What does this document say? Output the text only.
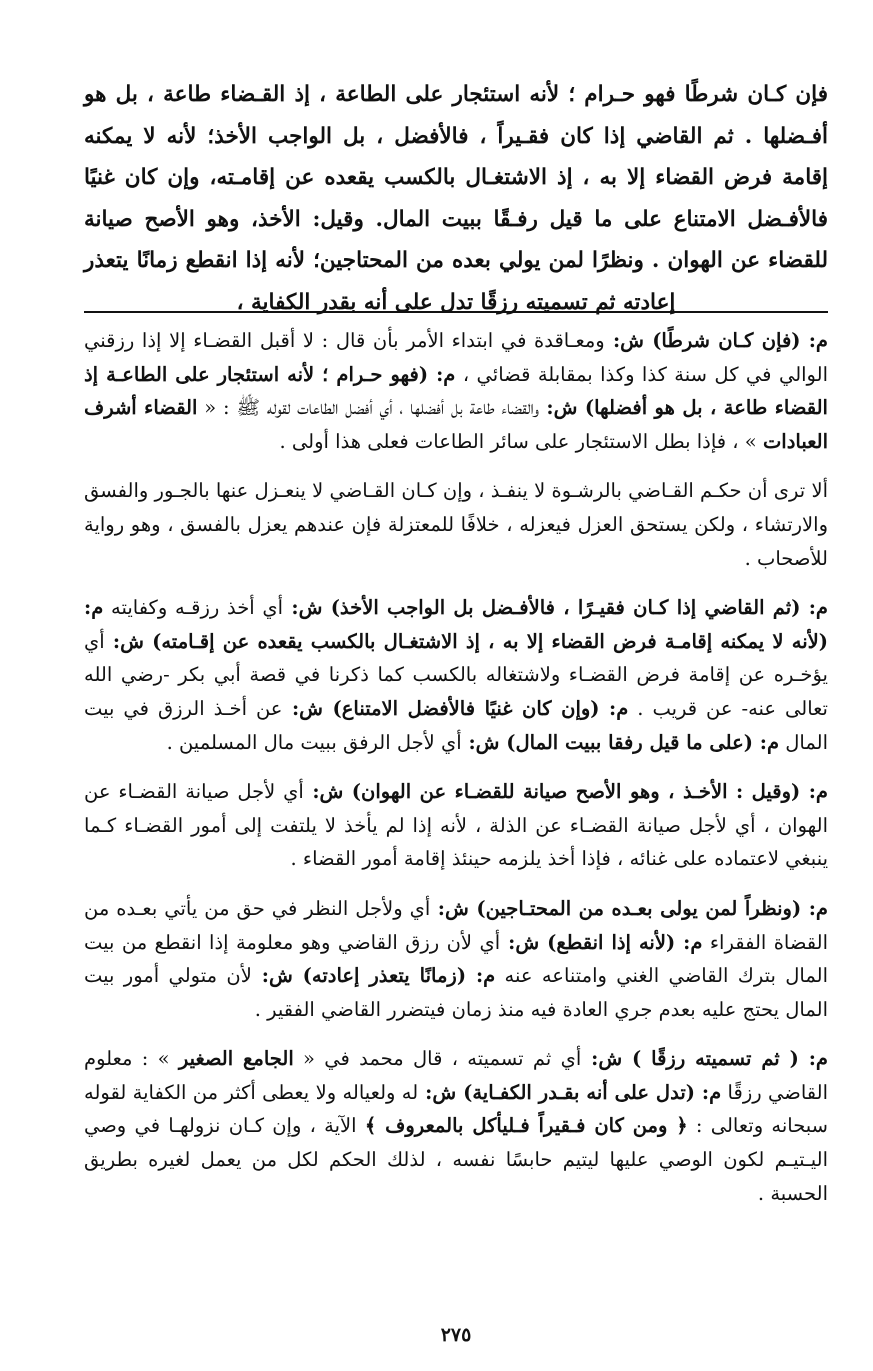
فإن كـان شرطًا فهو حـرام ؛ لأنه استئجار على الطاعة ، إذ القـضاء طاعة ، بل هو أفـضلها . ثم القاضي إذا كان فقـيراً ، فالأفضل ، بل الواجب الأخذ؛ لأنه لا يمكنه إقامة فرض القضاء إلا به ، إذ الاشتغـال بالكسب يقعده عن إقامـته، وإن كان غنيًا فالأفـضل الامتناع على ما قيل رفـقًا ببيت المال. وقيل: الأخذ، وهو الأصح صيانة للقضاء عن الهوان . ونظرًا لمن يولي بعده من المحتاجين؛ لأنه إذا انقطع زمانًا يتعذر إعادته ثم تسميته رزقًا تدل على أنه بقدر الكفاية ،

م: (فإن كـان شرطًا) ش: ومعـاقدة في ابتداء الأمر بأن قال : لا أقبل القضـاء إلا إذا رزقني الوالي في كل سنة كذا وكذا بمقابلة قضائي ، م: (فهو حـرام ؛ لأنه استئجار على الطاعـة إذ القضاء طاعة ، بل هو أفضلها) ش: والقضاء طاعة بل أفضلها ، أي أفضل الطاعات لقوله ﷺ : « القضاء أشرف العبادات » ، فإذا بطل الاستئجار على سائر الطاعات فعلى هذا أولى .

ألا ترى أن حكـم القـاضي بالرشـوة لا ينفـذ ، وإن كـان القـاضي لا ينعـزل عنها بالجـور والفسق والارتشاء ، ولكن يستحق العزل فيعزله ، خلافًا للمعتزلة فإن عندهم يعزل بالفسق ، وهو رواية للأصحاب .

م: (ثم القاضي إذا كـان فقيـرًا ، فالأفـضل بل الواجب الأخذ) ش: أي أخذ رزقـه وكفايته م: (لأنه لا يمكنه إقامـة فرض القضاء إلا به ، إذ الاشتغـال بالكسب يقعده عن إقـامته) ش: أي يؤخـره عن إقامة فرض القضـاء ولاشتغاله بالكسب كما ذكرنا في قصة أبي بكر -رضي الله تعالى عنه- عن قريب . م: (وإن كان غنيًا فالأفضل الامتناع) ش: عن أخـذ الرزق في بيت المال م: (على ما قيل رفقا ببيت المال) ش: أي لأجل الرفق ببيت مال المسلمين .

م: (وقيل : الأخـذ ، وهو الأصح صيانة للقضـاء عن الهوان) ش: أي لأجل صيانة القضـاء عن الهوان ، أي لأجل صيانة القضـاء عن الذلة ، لأنه إذا لم يأخذ لا يلتفت إلى أمور القضـاء كـما ينبغي لاعتماده على غنائه ، فإذا أخذ يلزمه حينئذ إقامة أمور القضاء .

م: (ونظراً لمن يولى بعـده من المحتـاجين) ش: أي ولأجل النظر في حق من يأتي بعـده من القضاة الفقراء م: (لأنه إذا انقطع) ش: أي لأن رزق القاضي وهو معلومة إذا انقطع من بيت المال بترك القاضي الغني وامتناعه عنه م: (زمانًا يتعذر إعادته) ش: لأن متولي أمور بيت المال يحتج عليه بعدم جري العادة فيه منذ زمان فيتضرر القاضي الفقير .

م: ( ثم تسميته رزقًا ) ش: أي ثم تسميته ، قال محمد في « الجامع الصغير » : معلوم القاضي رزقًا م: (تدل على أنه بقـدر الكفـاية) ش: له ولعياله ولا يعطى أكثر من الكفاية لقوله سبحانه وتعالى : ﴿ ومن كان فـقيراً فـليأكل بالمعروف ﴾ الآية ، وإن كـان نزولهـا في وصي اليـتيـم لكون الوصي عليها ليتيم حابسًا نفسه ، لذلك الحكم لكل من يعمل لغيره بطريق الحسبة .

٢٧٥
